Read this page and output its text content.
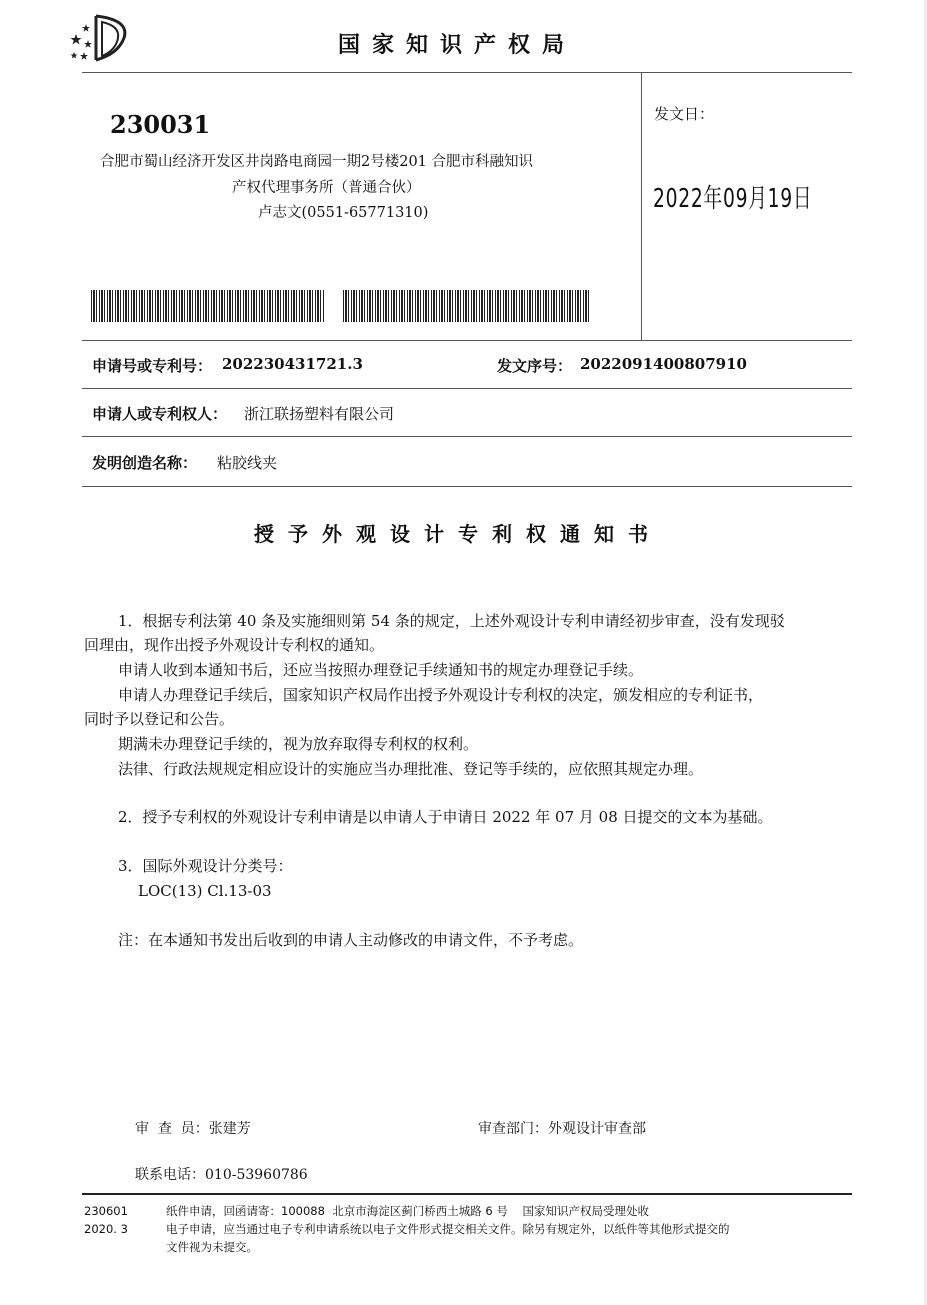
国家知识产权局
230031
合肥市蜀山经济开发区井岗路电商园一期2号楼201 合肥市科融知识
产权代理事务所（普通合伙）
卢志文(0551-65771310)
发文日：
2022年09月19日
申请号或专利号： 202230431721.3	发文序号： 2022091400807910
申请人或专利权人： 浙江联扬塑料有限公司
发明创造名称： 粘胶线夹
授予外观设计专利权通知书
1．根据专利法第 40 条及实施细则第 54 条的规定，上述外观设计专利申请经初步审查，没有发现驳
回理由，现作出授予外观设计专利权的通知。
申请人收到本通知书后，还应当按照办理登记手续通知书的规定办理登记手续。
申请人办理登记手续后，国家知识产权局作出授予外观设计专利权的决定，颁发相应的专利证书，
同时予以登记和公告。
期满未办理登记手续的，视为放弃取得专利权的权利。
法律、行政法规规定相应设计的实施应当办理批准、登记等手续的，应依照其规定办理。
2．授予专利权的外观设计专利申请是以申请人于申请日 2022 年 07 月 08 日提交的文本为基础。
3．国际外观设计分类号：
LOC(13) Cl.13-03
注：在本通知书发出后收到的申请人主动修改的申请文件，不予考虑。
审  查  员：张建芳	审查部门：外观设计审查部
联系电话：010-53960786
230601
2020. 3
纸件申请，回函请寄：100088  北京市海淀区蓟门桥西土城路 6 号    国家知识产权局受理处收
电子申请，应当通过电子专利申请系统以电子文件形式提交相关文件。除另有规定外，以纸件等其他形式提交的
文件视为未提交。
